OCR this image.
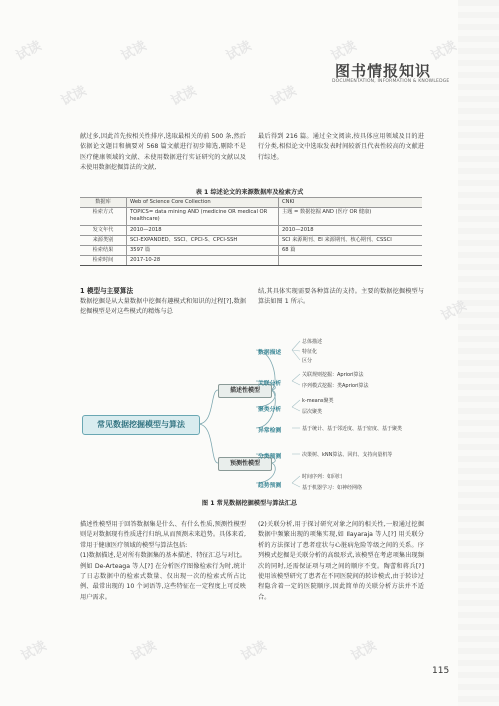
试读	试读	试读	试读	试读
试读	试读	试读
试读
试读	试读	试读	试读
图书情报知识
DOCUMENTATION, INFORMATION & KNOWLEDGE
献过多,因此首先按相关性排序,选取最相关的前 500 条,然后依据论文题目和摘要对 568 篇文献进行初步筛选,剔除不是医疗健康领域的文献、未使用数据进行实证研究的文献以及未使用数据挖掘算法的文献,
最后得到 216 篇。通过全文阅读,按具体应用领域及目的进行分类,相似论文中选取发表时间较新且代表性较高的文献进行综述。
表 1 综述论文的来源数据库及检索方式
数据库	Web of Science Core Collection	CNKI
检索方式	TOPICS= data mining AND (medicine OR medical OR healthcare)	主题 = 数据挖掘 AND (医疗 OR 健康)
发文年代	2010—2018	2010—2018
来源类别	SCI-EXPANDED、SSCI、CPCI-S、CPCI-SSH	SCI 来源期刊、EI 来源期刊、核心期刊、CSSCI
检索结果	3597 篇	68 篇
检索时间	2017-10-28	
1 模型与主要算法
数据挖掘是从大量数据中挖掘有趣模式和知识的过程[?],数据挖掘模型是对这些模式的精炼与总
结,其具体实现需要各种算法的支持。主要的数据挖掘模型与算法如图 1 所示。
常见数据挖掘模型与算法
描述性模型
预测性模型
数据描述
关联分析
聚类分析
异常检测
分类预测
趋势预测
总体描述
特征化
区分
关联规则挖掘：Apriori算法
序列模式挖掘：类Apriori算法
k-means聚类
层次聚类
基于统计、基于邻近度、基于密度、基于聚类
决策树、kNN算法、回归、支持向量机等
时间序列：如回归
基于机器学习：如神经网络
图 1 常见数据挖掘模型与算法汇总
描述性模型用于回答数据集是什么、有什么性质,预测性模型则是对数据现有性质进行归纳,从而预测未来趋势。具体来看,常用于健康医疗领域的模型与算法包括:
(1)数据描述,是对所有数据集的基本描述、特征汇总与对比。例如 De-Arteaga 等人[?] 在分析医疗图像检索行为时,统计了日志数据中的检索式数量、仅出现一次的检索式所占比例、最常出现的 10 个词语等,这些特征在一定程度上可反映用户需求。
(2)关联分析,用于探讨研究对象之间的相关性,一般通过挖掘数据中频繁出现的项集实现,如 Ilayaraja 等人[?] 用关联分析的方法探讨了患者症状与心脏病危险等级之间的关系。序列模式挖掘是关联分析的高级形式,该模型在考虑项集出现频次的同时,还需保证项与项之间的顺序不变。陶蕾和蒋兵[?] 使用该模型研究了患者在不同医院间的转诊模式,由于转诊过程隐含着一定的医院顺序,因此简单的关联分析方法并不适合。
115
